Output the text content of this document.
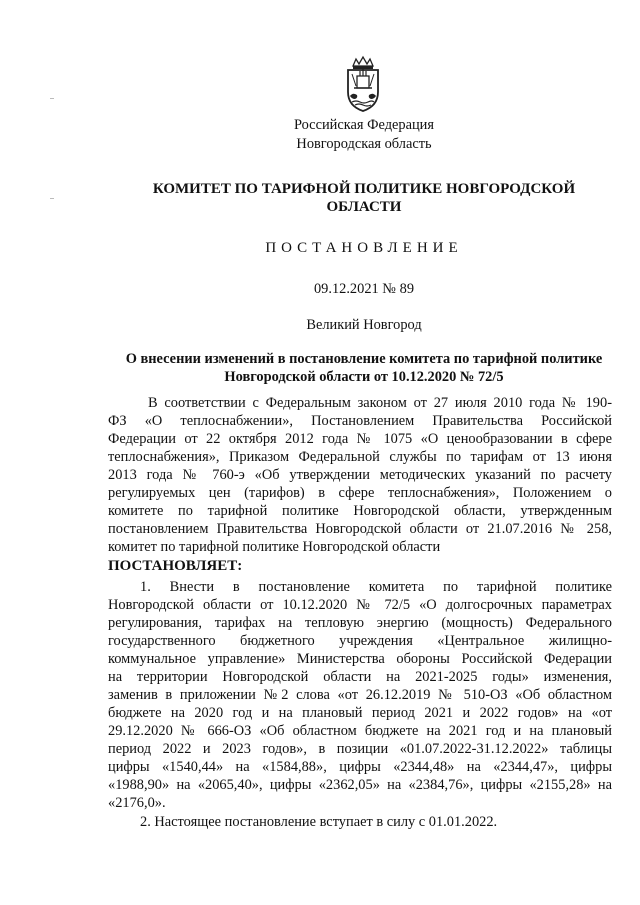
Российская Федерация
Новгородская область
КОМИТЕТ ПО ТАРИФНОЙ ПОЛИТИКЕ НОВГОРОДСКОЙ
ОБЛАСТИ
ПОСТАНОВЛЕНИЕ
09.12.2021 № 89
Великий Новгород
О внесении изменений в постановление комитета по тарифной политике
Новгородской области от 10.12.2020 № 72/5
В соответствии с Федеральным законом от 27 июля 2010 года № 190-
ФЗ «О теплоснабжении», Постановлением Правительства Российской
Федерации от 22 октября 2012 года № 1075 «О ценообразовании в сфере
теплоснабжения», Приказом Федеральной службы по тарифам от 13 июня
2013 года № 760-э «Об утверждении методических указаний по расчету
регулируемых цен (тарифов) в сфере теплоснабжения», Положением о
комитете по тарифной политике Новгородской области, утвержденным
постановлением Правительства Новгородской области от 21.07.2016 № 258,
комитет по тарифной политике Новгородской области
ПОСТАНОВЛЯЕТ:
1. Внести в постановление комитета по тарифной политике
Новгородской области от 10.12.2020 № 72/5 «О долгосрочных параметрах
регулирования, тарифах на тепловую энергию (мощность) Федерального
государственного бюджетного учреждения «Центральное жилищно-
коммунальное управление» Министерства обороны Российской Федерации
на территории Новгородской области на 2021-2025 годы» изменения,
заменив в приложении №2 слова «от 26.12.2019 № 510-ОЗ «Об областном
бюджете на 2020 год и на плановый период 2021 и 2022 годов» на «от
29.12.2020 № 666-ОЗ «Об областном бюджете на 2021 год и на плановый
период 2022 и 2023 годов», в позиции «01.07.2022-31.12.2022» таблицы
цифры «1540,44» на «1584,88», цифры «2344,48» на «2344,47», цифры
«1988,90» на «2065,40», цифры «2362,05» на «2384,76», цифры «2155,28» на
«2176,0».
2. Настоящее постановление вступает в силу с 01.01.2022.
